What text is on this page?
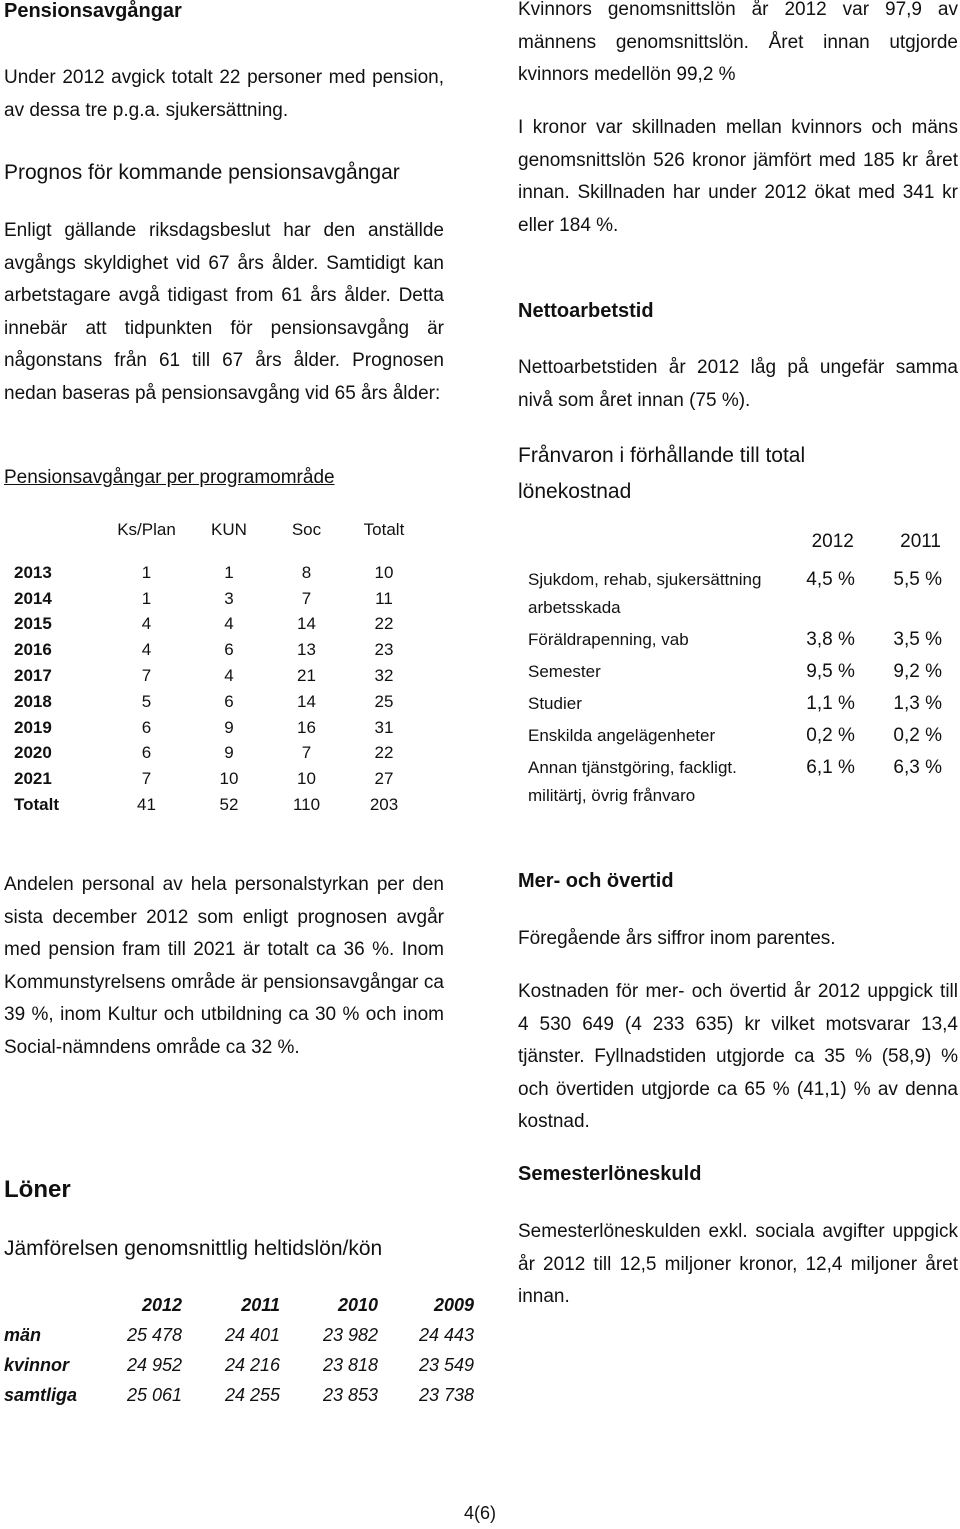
Pensionsavgångar

Under 2012 avgick totalt 22 personer med pension, av dessa tre p.g.a. sjukersättning.

Prognos för kommande pensionsavgångar

Enligt gällande riksdagsbeslut har den anställde avgångs skyldighet vid 67 års ålder. Samtidigt kan arbetstagare avgå tidigast from 61 års ålder. Detta innebär att tidpunkten för pensionsavgång är någonstans från 61 till 67 års ålder. Prognosen nedan baseras på pensionsavgång vid 65 års ålder:

Pensionsavgångar per programområde
	Ks/Plan	KUN	Soc	Totalt
2013	1	1	8	10
2014	1	3	7	11
2015	4	4	14	22
2016	4	6	13	23
2017	7	4	21	32
2018	5	6	14	25
2019	6	9	16	31
2020	6	9	7	22
2021	7	10	10	27
Totalt	41	52	110	203

Andelen personal av hela personalstyrkan per den sista december 2012 som enligt prognosen avgår med pension fram till 2021 är totalt ca 36 %. Inom Kommunstyrelsens område är pensionsavgångar ca 39 %, inom Kultur och utbildning ca 30 % och inom Social-nämndens område ca 32 %.

Löner
Jämförelsen genomsnittlig heltidslön/kön
	2012	2011	2010	2009
män	25 478	24 401	23 982	24 443
kvinnor	24 952	24 216	23 818	23 549
samtliga	25 061	24 255	23 853	23 738

Kvinnors genomsnittslön år 2012 var 97,9 av männens genomsnittslön. Året innan utgjorde kvinnors medellön 99,2 %

I kronor var skillnaden mellan kvinnors och mäns genomsnittslön 526 kronor jämfört med 185 kr året innan. Skillnaden har under 2012 ökat med 341 kr eller 184 %.

Nettoarbetstid

Nettoarbetstiden år 2012 låg på ungefär samma nivå som året innan (75 %).

Frånvaron i förhållande till total lönekostnad
	2012	2011

Sjukdom, rehab, sjukersättning arbetsskada	4,5 %	5,5 %

Föräldrapenning, vab	3,8 %	3,5 %

Semester	9,5 %	9,2 %

Studier	1,1 %	1,3 %

Enskilda angelägenheter	0,2 %	0,2 %

Annan tjänstgöring, fackligt. militärtj, övrig frånvaro	6,1 %	6,3 %
Mer- och övertid

Föregående års siffror inom parentes.

Kostnaden för mer- och övertid år 2012 uppgick till 4 530 649 (4 233 635) kr vilket motsvarar 13,4 tjänster. Fyllnadstiden utgjorde ca 35 % (58,9) % och övertiden utgjorde ca 65 % (41,1) % av denna kostnad.

Semesterlöneskuld

Semesterlöneskulden exkl. sociala avgifter uppgick år 2012 till 12,5 miljoner kronor, 12,4 miljoner året innan.

4(6)
